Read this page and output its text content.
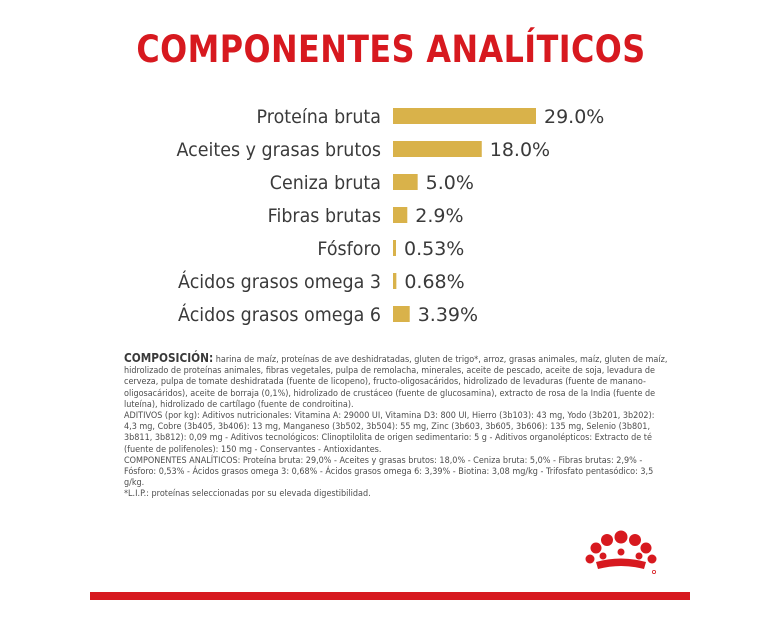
COMPONENTES ANALÍTICOS
Proteína bruta	29.0%
Aceites y grasas brutos	18.0%
Ceniza bruta 5.0%
Fibras brutas 2.9%
Fósforo 0.53%
Ácidos grasos omega 3 0.68%
Ácidos grasos omega 6 3.39%

COMPOSICIÓN: harina de maíz, proteínas de ave deshidratadas, gluten de trigo*, arroz, grasas animales, maíz, gluten de maíz, hidrolizado de proteínas animales, fibras vegetales, pulpa de remolacha, minerales, aceite de pescado, aceite de soja, levadura de cerveza, pulpa de tomate deshidratada (fuente de licopeno), fructo-oligosacáridos, hidrolizado de levaduras (fuente de manano-oligosacáridos), aceite de borraja (0,1%), hidrolizado de crustáceo (fuente de glucosamina), extracto de rosa de la India (fuente de luteína), hidrolizado de cartílago (fuente de condroitina).

ADITIVOS (por kg): Aditivos nutricionales: Vitamina A: 29000 UI, Vitamina D3: 800 UI, Hierro (3b103): 43 mg, Yodo (3b201, 3b202): 4,3 mg, Cobre (3b405, 3b406): 13 mg, Manganeso (3b502, 3b504): 55 mg, Zinc (3b603, 3b605, 3b606): 135 mg, Selenio (3b801, 3b811, 3b812): 0,09 mg - Aditivos tecnológicos: Clinoptilolita de origen sedimentario: 5 g - Aditivos organolépticos: Extracto de té (fuente de polifenoles): 150 mg - Conservantes - Antioxidantes.

COMPONENTES ANALÍTICOS: Proteína bruta: 29,0% - Aceites y grasas brutos: 18,0% - Ceniza bruta: 5,0% - Fibras brutas: 2,9% - Fósforo: 0,53% - Ácidos grasos omega 3: 0,68% - Ácidos grasos omega 6: 3,39% - Biotina: 3,08 mg/kg - Trifosfato pentasódico: 3,5 g/kg.

*L.I.P.: proteínas seleccionadas por su elevada digestibilidad.
